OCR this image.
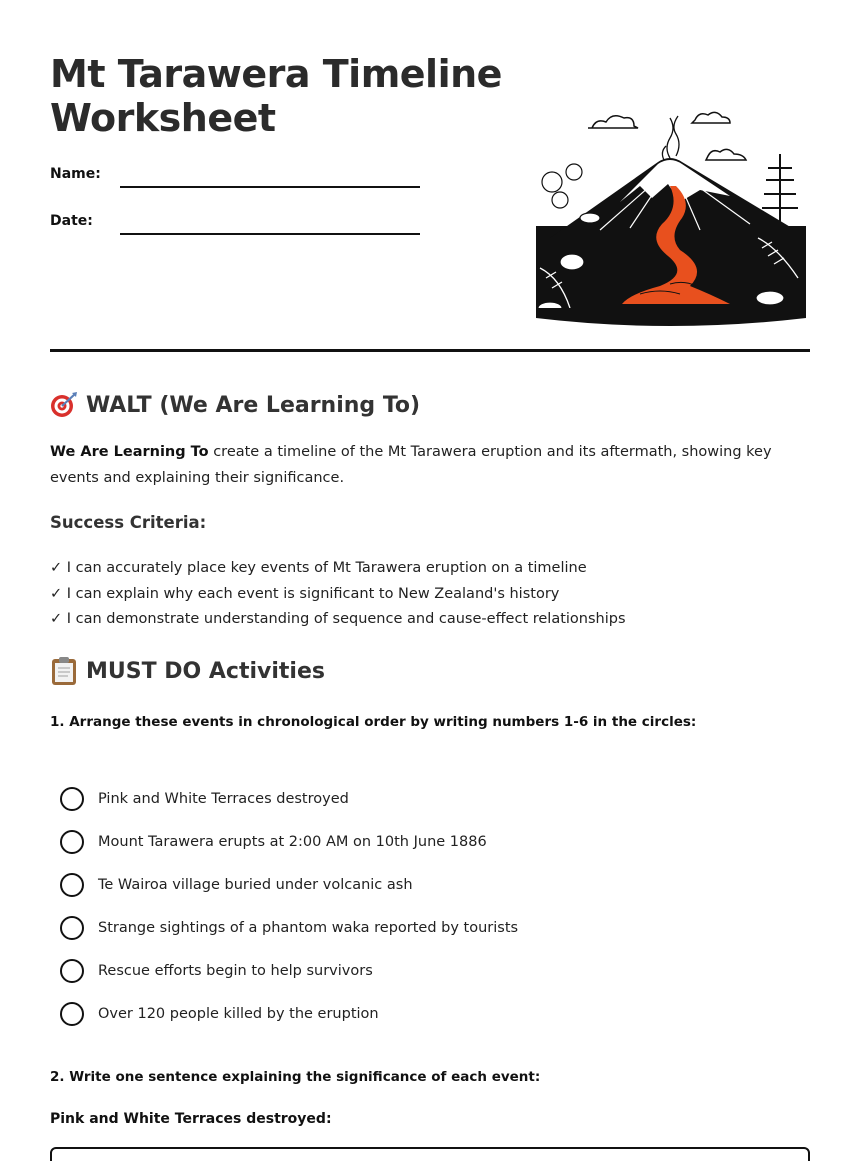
Mt Tarawera Timeline Worksheet
Name:
Date:
WALT (We Are Learning To)

We Are Learning To create a timeline of the Mt Tarawera eruption and its aftermath, showing key events and explaining their significance.

Success Criteria:
✓ I can accurately place key events of Mt Tarawera eruption on a timeline
✓ I can explain why each event is significant to New Zealand's history
✓ I can demonstrate understanding of sequence and cause-effect relationships
MUST DO Activities
1. Arrange these events in chronological order by writing numbers 1-6 in the circles:
Pink and White Terraces destroyed
Mount Tarawera erupts at 2:00 AM on 10th June 1886
Te Wairoa village buried under volcanic ash
Strange sightings of a phantom waka reported by tourists
Rescue efforts begin to help survivors
Over 120 people killed by the eruption
2. Write one sentence explaining the significance of each event:
Pink and White Terraces destroyed:
